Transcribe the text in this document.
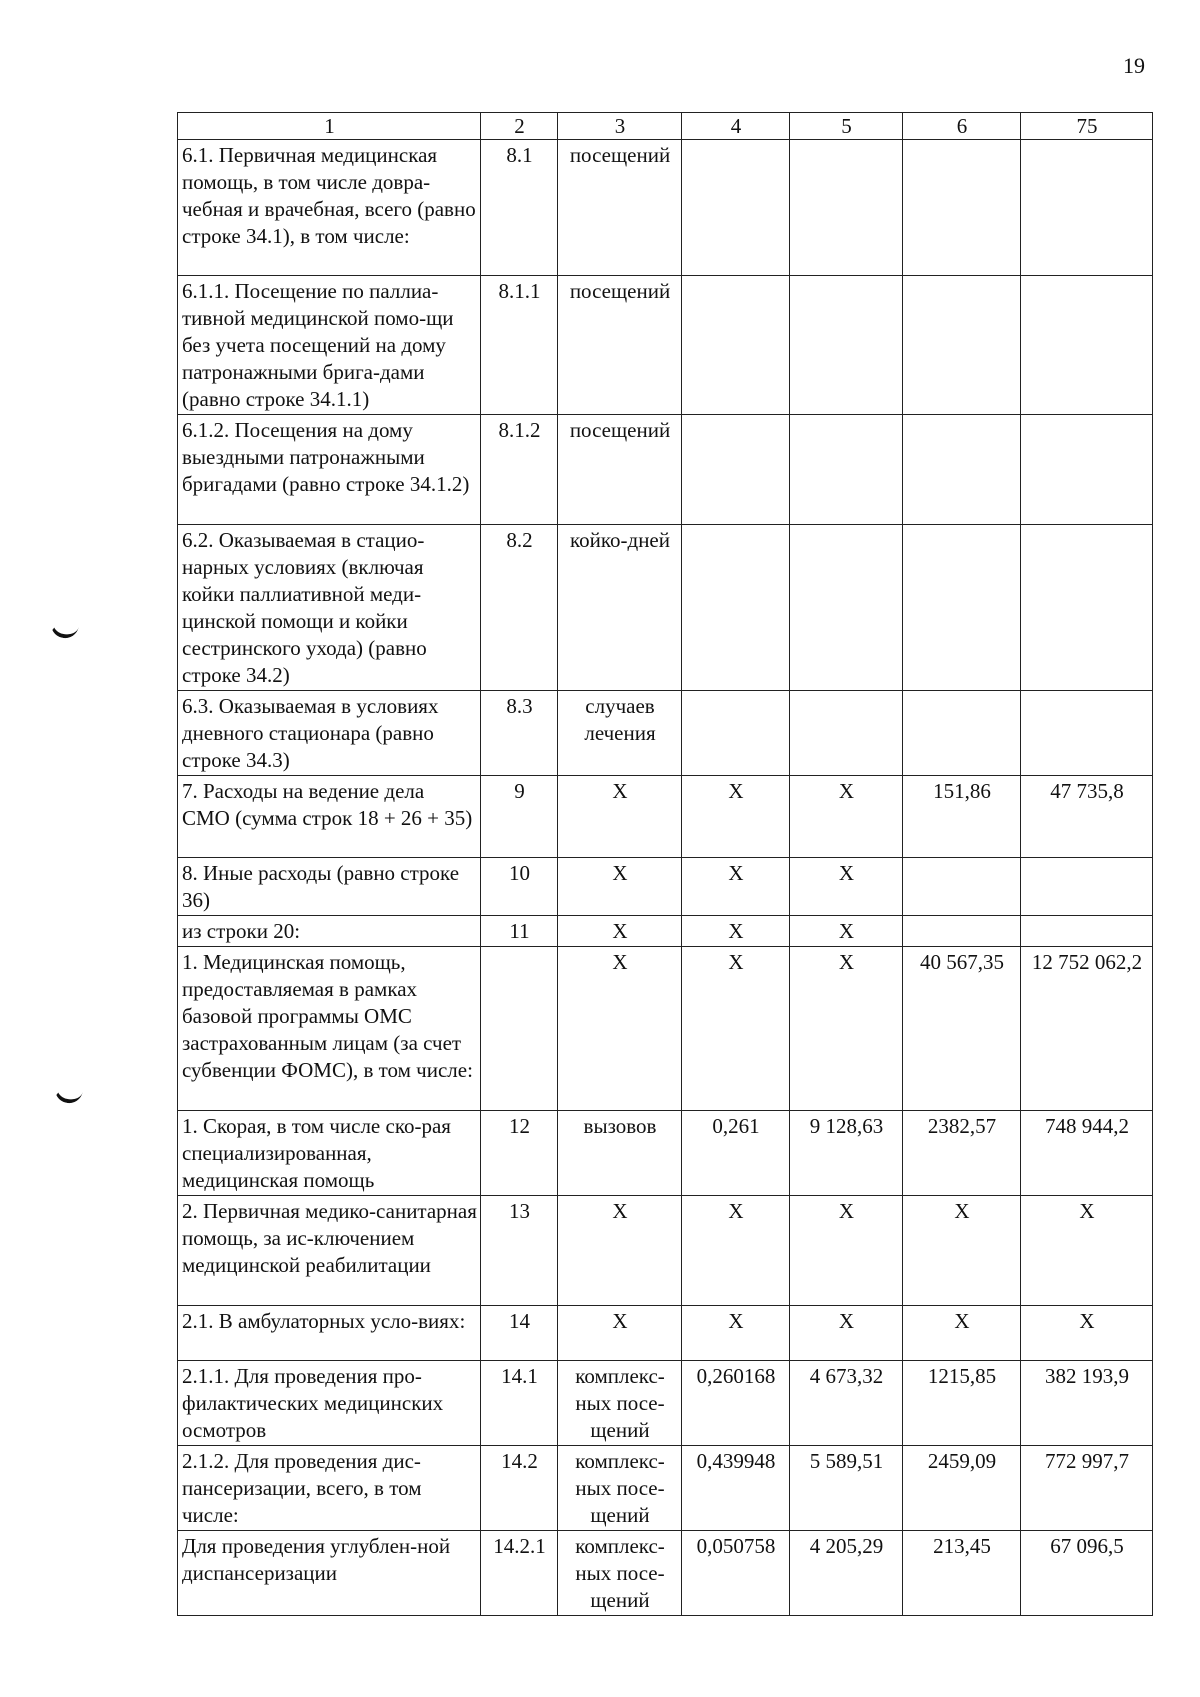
19
1	2	3	4	5	6	75
6.1. Первичная медицинская помощь, в том числе довра-чебная и врачебная, всего (равно строке 34.1), в том числе:	8.1	посещений				
6.1.1. Посещение по паллиа-тивной медицинской помо-щи без учета посещений на дому патронажными брига-дами (равно строке 34.1.1)	8.1.1	посещений				
6.1.2. Посещения на дому выездными патронажными бригадами (равно строке 34.1.2)	8.1.2	посещений				
6.2. Оказываемая в стацио-нарных условиях (включая койки паллиативной меди-цинской помощи и койки сестринского ухода) (равно строке 34.2)	8.2	койко-дней				
6.3. Оказываемая в условиях дневного стационара (равно строке 34.3)	8.3	случаев лечения				
7. Расходы на ведение дела СМО (сумма строк 18 + 26 + 35)	9	X	X	X	151,86	47 735,8
8. Иные расходы (равно строке 36)	10	X	X	X		
из строки 20:	11	X	X	X		
1. Медицинская помощь, предоставляемая в рамках базовой программы ОМС застрахованным лицам (за счет субвенции ФОМС), в том числе:		X	X	X	40 567,35	12 752 062,2
1. Скорая, в том числе ско-рая специализированная, медицинская помощь	12	вызовов	0,261	9 128,63	2382,57	748 944,2
2. Первичная медико-санитарная помощь, за ис-ключением медицинской реабилитации	13	X	X	X	X	X
2.1. В амбулаторных усло-виях:	14	X	X	X	X	X
2.1.1. Для проведения про-филактических медицинских осмотров	14.1	комплекс-ных посе-щений	0,260168	4 673,32	1215,85	382 193,9
2.1.2. Для проведения дис-пансеризации, всего, в том числе:	14.2	комплекс-ных посе-щений	0,439948	5 589,51	2459,09	772 997,7
Для проведения углублен-ной диспансеризации	14.2.1	комплекс-ных посе-щений	0,050758	4 205,29	213,45	67 096,5
